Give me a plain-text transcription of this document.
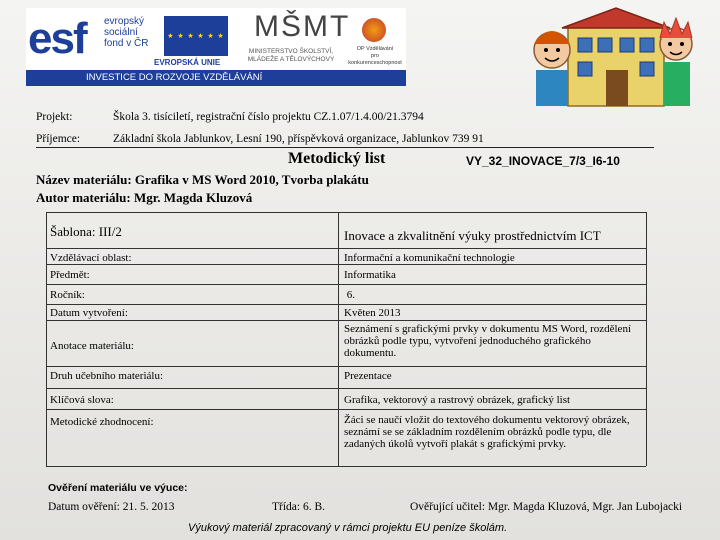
esf evropský
sociální
fond v ČR
★ ★ ★ ★ ★ ★
EVROPSKÁ UNIE
MŠMT
MINISTERSTVO ŠKOLSTVÍ,
MLÁDEŽE A TĚLOVÝCHOVY
OP Vzdělávání
pro konkurenceschopnost
INVESTICE DO ROZVOJE VZDĚLÁVÁNÍ
Projekt:	Škola 3. tisíciletí, registrační číslo projektu CZ.1.07/1.4.00/21.3794
Příjemce:	Základní škola Jablunkov, Lesní 190, příspěvková organizace, Jablunkov 739 91
Metodický list	VY_32_INOVACE_7/3_I6-10
Název materiálu: Grafika v MS Word 2010, Tvorba plakátu
Autor materiálu: Mgr. Magda Kluzová
Šablona: III/2	Inovace a zkvalitnění výuky prostřednictvím ICT
Vzdělávací oblast:	Informační a komunikační technologie
Předmět:	Informatika
Ročník:	6.
Datum vytvoření:	Květen 2013
Anotace materiálu:
Seznámení s grafickými prvky v dokumentu MS Word, rozdělení obrázků podle typu, vytvoření jednoduchého grafického dokumentu.
Druh učebního materiálu:	Prezentace
Klíčová slova:	Grafika, vektorový a rastrový obrázek, grafický list
Metodické zhodnocení:	Žáci se naučí vložit do textového dokumentu vektorový obrázek, seznámí se se základním rozdělením obrázků podle typu, dle zadaných úkolů vytvoří plakát s grafickými prvky.
Ověření materiálu ve výuce:
Datum ověření: 21. 5. 2013	Třída: 6. B.	Ověřující učitel: Mgr. Magda Kluzová, Mgr. Jan Lubojacki
Výukový materiál zpracovaný v rámci projektu EU peníze školám.
